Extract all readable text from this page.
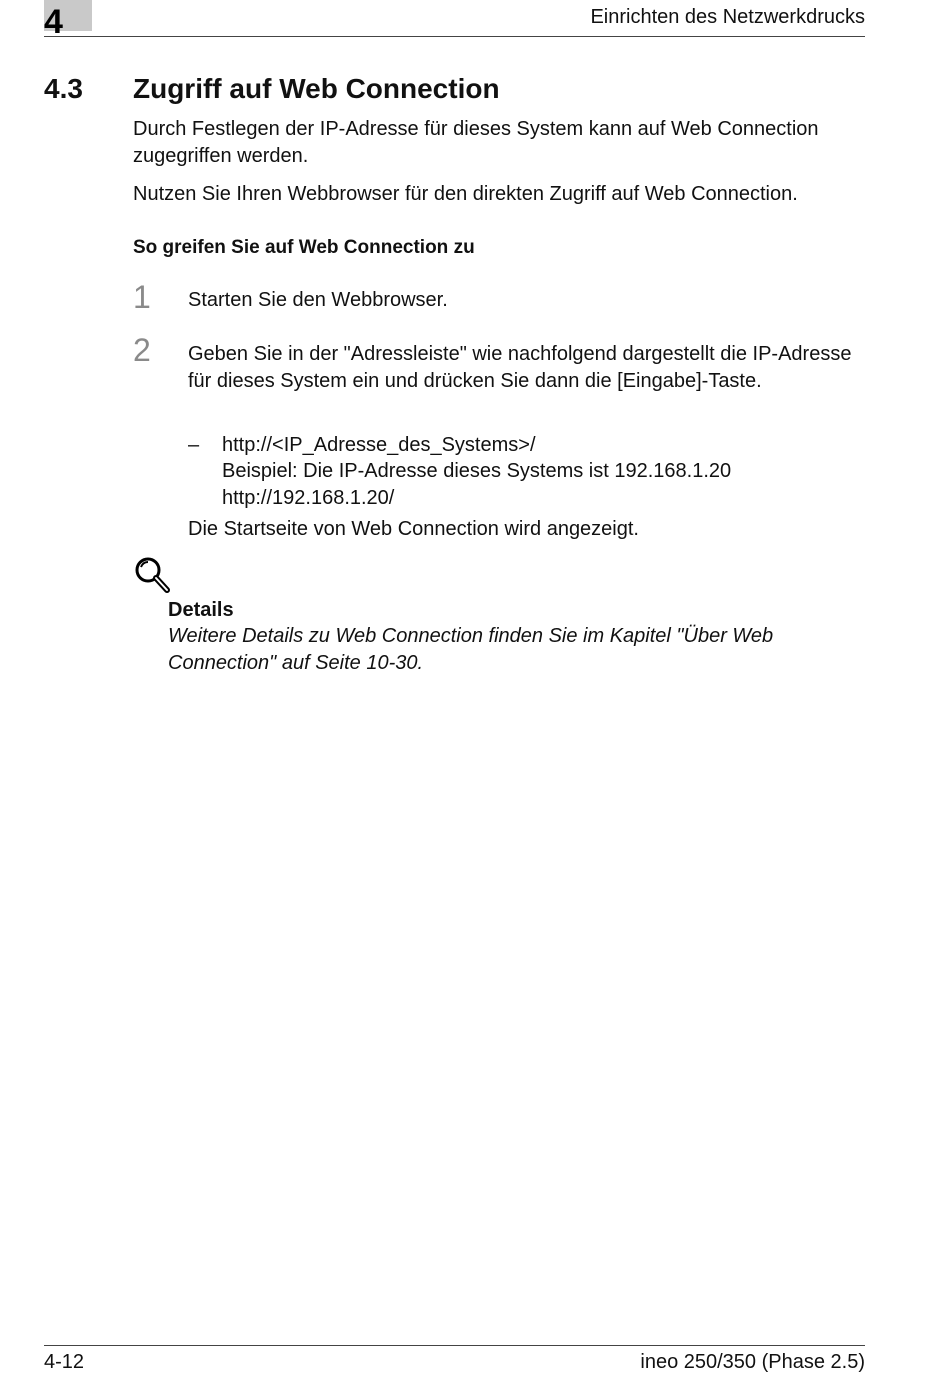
4	Einrichten des Netzwerkdrucks
4.3 Zugriff auf Web Connection
Durch Festlegen der IP-Adresse für dieses System kann auf Web Connection zugegriffen werden.
Nutzen Sie Ihren Webbrowser für den direkten Zugriff auf Web Connection.
So greifen Sie auf Web Connection zu
1 Starten Sie den Webbrowser.
2 Geben Sie in der "Adressleiste" wie nachfolgend dargestellt die IP-Adresse für dieses System ein und drücken Sie dann die [Eingabe]-Taste.
– http://<IP_Adresse_des_Systems>/
Beispiel: Die IP-Adresse dieses Systems ist 192.168.1.20
http://192.168.1.20/
Die Startseite von Web Connection wird angezeigt.
Details
Weitere Details zu Web Connection finden Sie im Kapitel "Über Web Connection" auf Seite 10-30.
4-12	ineo 250/350 (Phase 2.5)
